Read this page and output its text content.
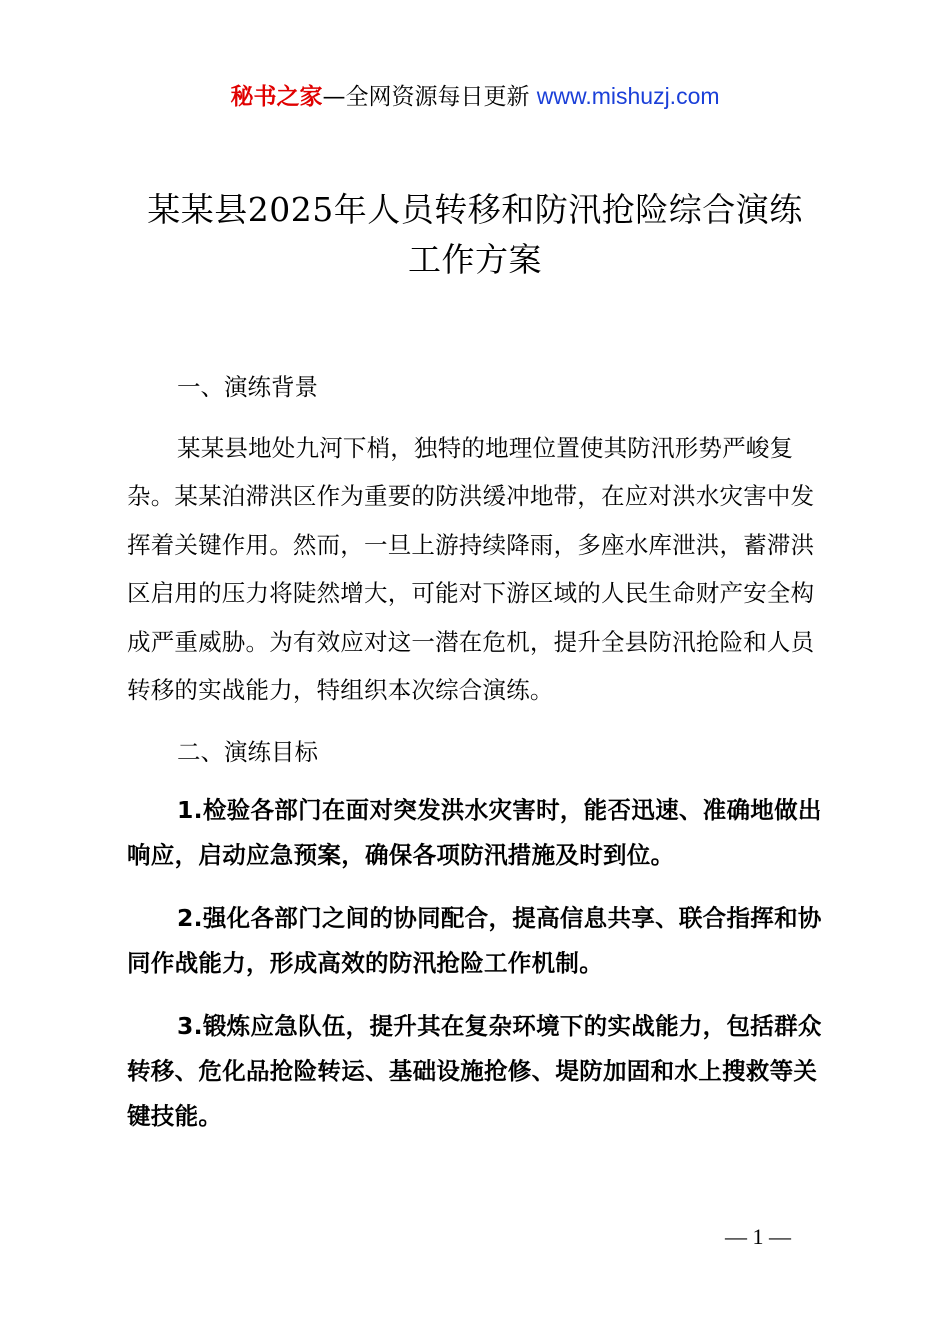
秘书之家—全网资源每日更新 www.mishuzj.com
某某县2025年人员转移和防汛抢险综合演练
工作方案

一、演练背景

某某县地处九河下梢，独特的地理位置使其防汛形势严峻复杂。某某泊滞洪区作为重要的防洪缓冲地带，在应对洪水灾害中发挥着关键作用。然而，一旦上游持续降雨，多座水库泄洪，蓄滞洪区启用的压力将陡然增大，可能对下游区域的人民生命财产安全构成严重威胁。为有效应对这一潜在危机，提升全县防汛抢险和人员转移的实战能力，特组织本次综合演练。

二、演练目标

1.检验各部门在面对突发洪水灾害时，能否迅速、准确地做出响应，启动应急预案，确保各项防汛措施及时到位。

2.强化各部门之间的协同配合，提高信息共享、联合指挥和协同作战能力，形成高效的防汛抢险工作机制。

3.锻炼应急队伍，提升其在复杂环境下的实战能力，包括群众转移、危化品抢险转运、基础设施抢修、堤防加固和水上搜救等关键技能。

— 1 —
